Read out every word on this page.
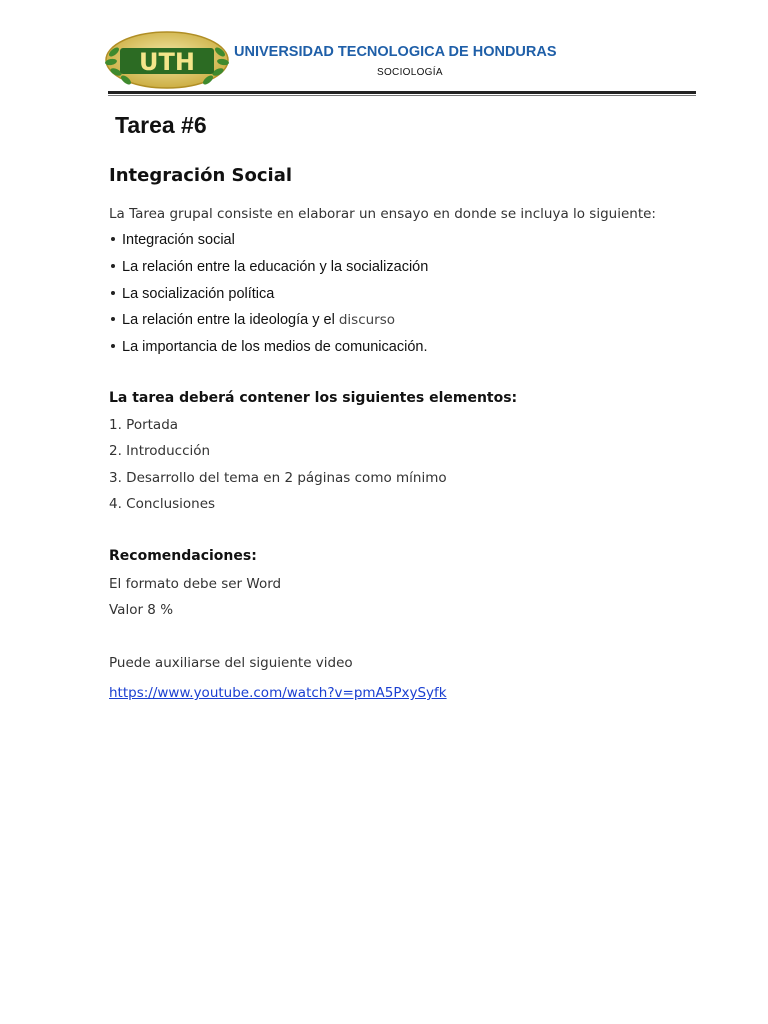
UTH	UNIVERSIDAD TECNOLOGICA DE HONDURAS
SOCIOLOGÍA
Tarea #6
Integración Social
La Tarea grupal consiste en elaborar un ensayo en donde se incluya lo siguiente:
Integración social
La relación entre la educación y la socialización
La socialización política
La relación entre la ideología y el discurso
La importancia de los medios de comunicación.
La tarea deberá contener los siguientes elementos:
1. Portada
2. Introducción
3. Desarrollo del tema en 2 páginas como mínimo
4. Conclusiones
Recomendaciones:
El formato debe ser Word
Valor 8 %
Puede auxiliarse del siguiente video
https://www.youtube.com/watch?v=pmA5PxySyfk
